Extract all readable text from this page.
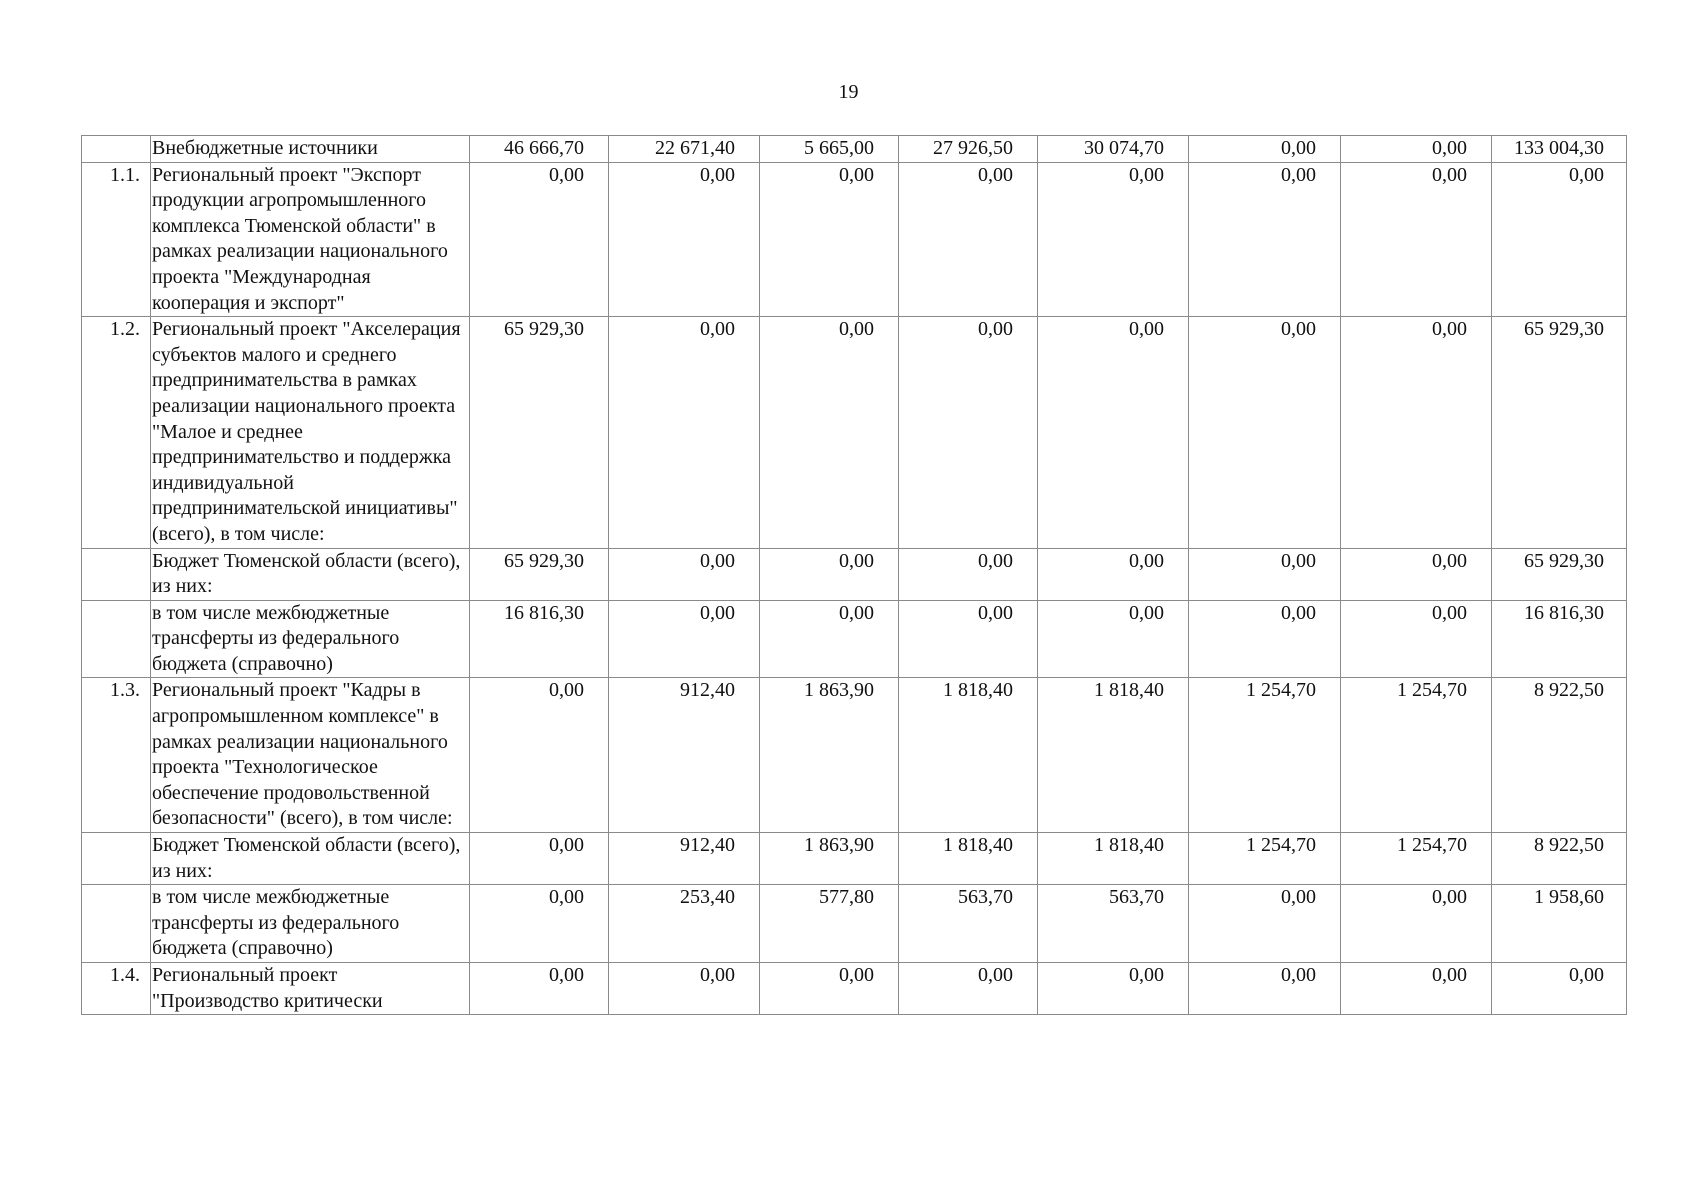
19
	Внебюджетные источники	46 666,70	22 671,40	5 665,00	27 926,50	30 074,70	0,00	0,00	133 004,30
1.1.	Региональный проект "Экспорт продукции агропромышленного комплекса Тюменской области" в рамках реализации национального проекта "Международная кооперация и экспорт"	0,00	0,00	0,00	0,00	0,00	0,00	0,00	0,00
1.2.	Региональный проект "Акселерация субъектов малого и среднего предпринимательства в рамках реализации национального проекта "Малое и среднее предпринимательство и поддержка индивидуальной предпринимательской инициативы" (всего), в том числе:	65 929,30	0,00	0,00	0,00	0,00	0,00	0,00	65 929,30
	Бюджет Тюменской области (всего), из них:	65 929,30	0,00	0,00	0,00	0,00	0,00	0,00	65 929,30
	в том числе межбюджетные трансферты из федерального бюджета (справочно)	16 816,30	0,00	0,00	0,00	0,00	0,00	0,00	16 816,30
1.3.	Региональный проект "Кадры в агропромышленном комплексе" в рамках реализации национального проекта "Технологическое обеспечение продовольственной безопасности" (всего), в том числе:	0,00	912,40	1 863,90	1 818,40	1 818,40	1 254,70	1 254,70	8 922,50
	Бюджет Тюменской области (всего), из них:	0,00	912,40	1 863,90	1 818,40	1 818,40	1 254,70	1 254,70	8 922,50
	в том числе межбюджетные трансферты из федерального бюджета (справочно)	0,00	253,40	577,80	563,70	563,70	0,00	0,00	1 958,60
1.4.	Региональный проект "Производство критически	0,00	0,00	0,00	0,00	0,00	0,00	0,00	0,00
